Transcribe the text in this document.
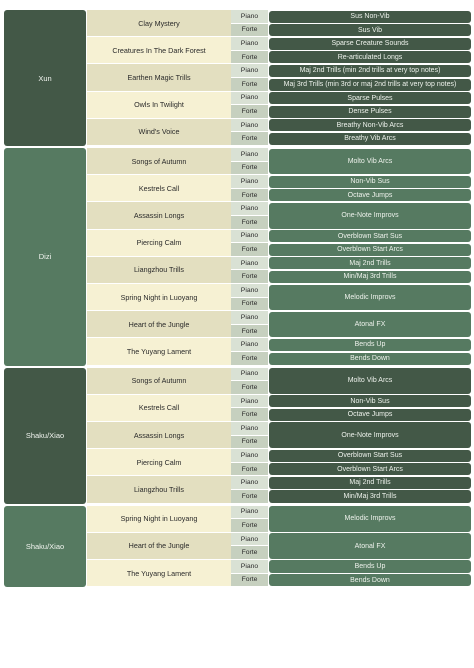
Xun
Clay Mystery
Piano
Forte
Sus Non-Vib
Sus Vib
Creatures In The Dark Forest
Piano
Forte
Sparse Creature Sounds
Re-articulated Longs
Earthen Magic Trills
Piano
Forte
Maj 2nd Trills (min 2nd trills at very top notes)
Maj 3rd Trills (min 3rd or maj 2nd trills at very top notes)
Owls In Twilight
Piano
Forte
Sparse Pulses
Dense Pulses
Wind's Voice
Piano
Forte
Breathy Non-Vib Arcs
Breathy Vib Arcs
Dizi
Songs of Autumn
Piano
Forte
Molto Vib Arcs
Kestrels Call
Piano
Forte
Non-Vib Sus
Octave Jumps
Assassin Longs
Piano
Forte
One-Note Improvs
Piercing Calm
Piano
Forte
Overblown Start Sus
Overblown Start Arcs
Liangzhou Trills
Piano
Forte
Maj 2nd Trills
Min/Maj 3rd Trills
Spring Night in Luoyang
Piano
Forte
Melodic Improvs
Heart of the Jungle
Piano
Forte
Atonal FX
The Yuyang Lament
Piano
Forte
Bends Up
Bends Down
Shaku/Xiao
Songs of Autumn
Piano
Forte
Molto Vib Arcs
Kestrels Call
Piano
Forte
Non-Vib Sus
Octave Jumps
Assassin Longs
Piano
Forte
One-Note Improvs
Piercing Calm
Piano
Forte
Overblown Start Sus
Overblown Start Arcs
Liangzhou Trills
Piano
Forte
Maj 2nd Trills
Min/Maj 3rd Trills
Shaku/Xiao
Spring Night in Luoyang
Piano
Forte
Melodic Improvs
Heart of the Jungle
Piano
Forte
Atonal FX
The Yuyang Lament
Piano
Forte
Bends Up
Bends Down
